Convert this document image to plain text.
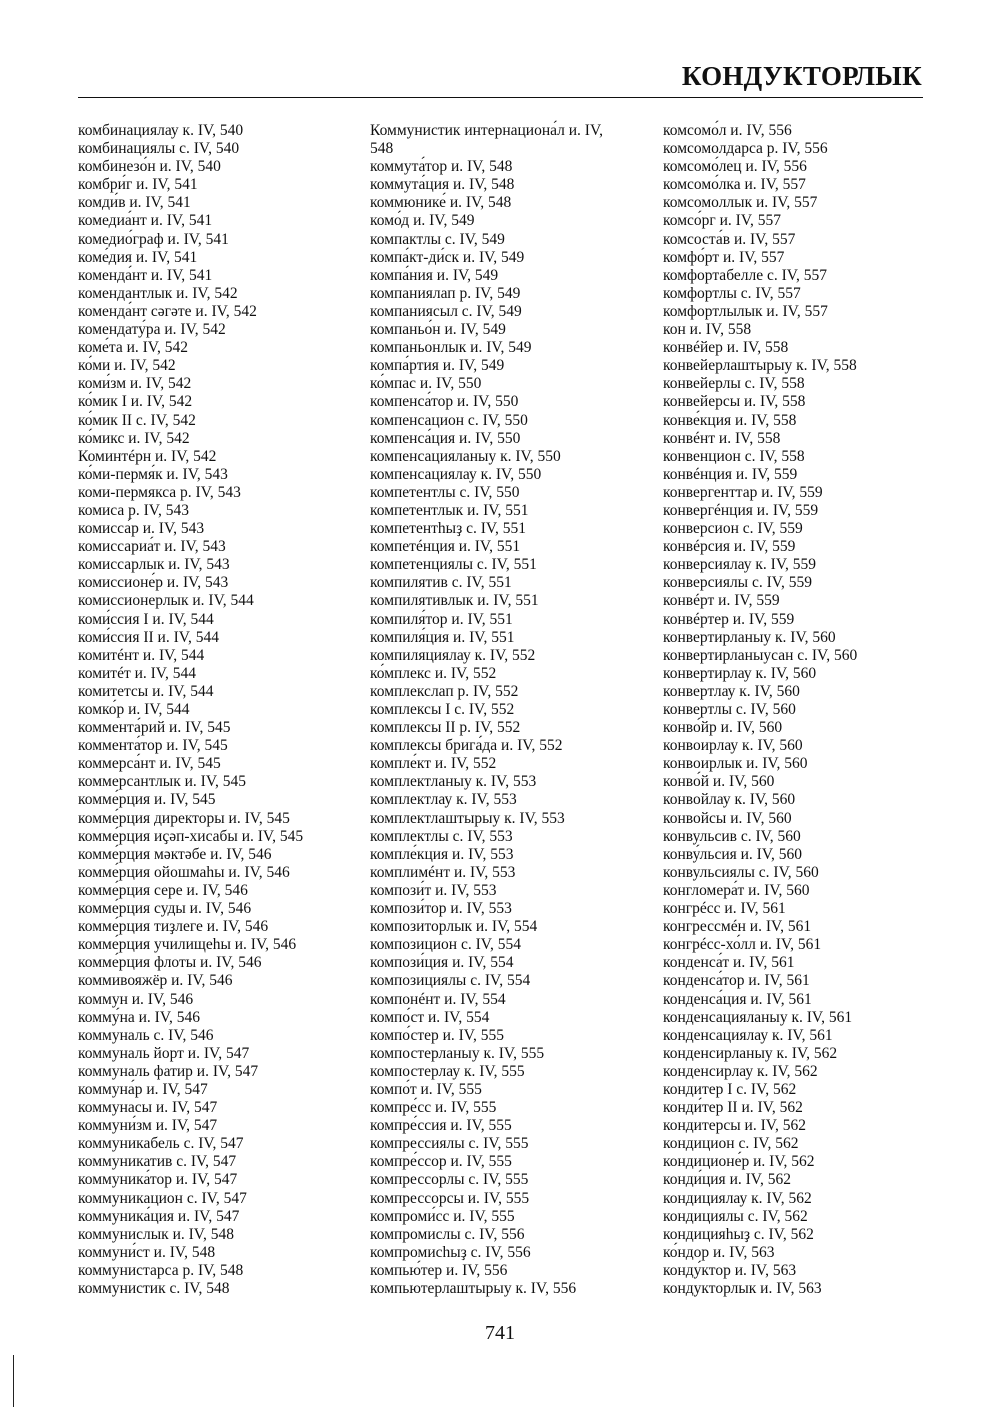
КОНДУКТОРЛЫК
комбинациялау к. IV, 540
комбинациялы с. IV, 540
комбинезо́н и. IV, 540
комбри́г и. IV, 541
комди́в и. IV, 541
комедиа́нт и. IV, 541
комедио́граф и. IV, 541
коме́дия и. IV, 541
коменда́нт и. IV, 541
комендантлык и. IV, 542
коменда́нт сәгәте и. IV, 542
комендату́ра и. IV, 542
коме́та и. IV, 542
ко́ми и. IV, 542
коми́зм и. IV, 542
ко́мик I и. IV, 542
ко́мик II с. IV, 542
ко́микс и. IV, 542
Коминтéрн и. IV, 542
ко́ми-пермя́к и. IV, 543
коми-пермякса р. IV, 543
комиса р. IV, 543
комисса́р и. IV, 543
комиссариа́т и. IV, 543
комиссарлык и. IV, 543
комиссионе́р и. IV, 543
комиссионерлык и. IV, 544
коми́ссия I и. IV, 544
коми́ссия II и. IV, 544
комитéнт и. IV, 544
комитéт и. IV, 544
комитетсы и. IV, 544
комко́р и. IV, 544
коммента́рий и. IV, 545
коммента́тор и. IV, 545
коммерса́нт и. IV, 545
коммерсантлык и. IV, 545
комме́рция и. IV, 545
комме́рция директоры и. IV, 545
комме́рция иҫәп-хисабы и. IV, 545
комме́рция мәктәбе и. IV, 546
комме́рция ойошмаһы и. IV, 546
комме́рция сере и. IV, 546
комме́рция суды и. IV, 546
комме́рция тиҙлеге и. IV, 546
комме́рция училищеһы и. IV, 546
комме́рция флоты и. IV, 546
коммивояжёр и. IV, 546
коммун и. IV, 546
комму́на и. IV, 546
коммуналь с. IV, 546
коммуналь йорт и. IV, 547
коммуналь фатир и. IV, 547
коммуна́р и. IV, 547
коммунасы и. IV, 547
коммуни́зм и. IV, 547
коммуникабель с. IV, 547
коммуникатив с. IV, 547
коммуника́тор и. IV, 547
коммуникацион с. IV, 547
коммуника́ция и. IV, 547
коммунислык и. IV, 548
коммуни́ст и. IV, 548
коммунистарса р. IV, 548
коммунистик с. IV, 548
Коммунистик интернациона́л и. IV, 548
коммута́тор и. IV, 548
коммута́ция и. IV, 548
коммюнике́ и. IV, 548
комо́д и. IV, 549
компактлы с. IV, 549
компа́кт-ди́ск и. IV, 549
компа́ния и. IV, 549
компаниялап р. IV, 549
компаниясыл с. IV, 549
компаньо́н и. IV, 549
компаньонлык и. IV, 549
компа́ртия и. IV, 549
ко́мпас и. IV, 550
компенса́тор и. IV, 550
компенсацион с. IV, 550
компенса́ция и. IV, 550
компенсацияланыу к. IV, 550
компенсациялау к. IV, 550
компетентлы с. IV, 550
компетентлык и. IV, 551
компетентһыҙ с. IV, 551
компетéнция и. IV, 551
компетенциялы с. IV, 551
компилятив с. IV, 551
компилятивлык и. IV, 551
компиля́тор и. IV, 551
компиля́ция и. IV, 551
компиляциялау к. IV, 552
ко́мплекс и. IV, 552
комплекслап р. IV, 552
комплексы I с. IV, 552
комплексы II р. IV, 552
комплексы брига́да и. IV, 552
компле́кт и. IV, 552
комплектланыу к. IV, 553
комплектлау к. IV, 553
комплектлаштырыу к. IV, 553
комплектлы с. IV, 553
компле́кция и. IV, 553
комплимéнт и. IV, 553
компози́т и. IV, 553
компози́тор и. IV, 553
композиторлык и. IV, 554
композицион с. IV, 554
компози́ция и. IV, 554
композициялы с. IV, 554
компонéнт и. IV, 554
компо́ст и. IV, 554
компо́стер и. IV, 555
компостерланыу к. IV, 555
компостерлау к. IV, 555
компо́т и. IV, 555
компре́сс и. IV, 555
компре́ссия и. IV, 555
компрессиялы с. IV, 555
компре́ссор и. IV, 555
компрессорлы с. IV, 555
компрессорсы и. IV, 555
компроми́сс и. IV, 555
компромислы с. IV, 556
компромисһыҙ с. IV, 556
компью́тер и. IV, 556
компьютерлаштырыу к. IV, 556
комсомо́л и. IV, 556
комсомолдарса р. IV, 556
комсомо́лец и. IV, 556
комсомо́лка и. IV, 557
комсомоллык и. IV, 557
комсо́рг и. IV, 557
комсоста́в и. IV, 557
комфо́рт и. IV, 557
комфортабелле с. IV, 557
комфортлы с. IV, 557
комфортлылык и. IV, 557
кон и. IV, 558
конвéйер и. IV, 558
конвейерлаштырыу к. IV, 558
конвейерлы с. IV, 558
конвейерсы и. IV, 558
конве́кция и. IV, 558
конвéнт и. IV, 558
конвенцион с. IV, 558
конвéнция и. IV, 559
конвергенттар и. IV, 559
конвергéнция и. IV, 559
конверсион с. IV, 559
конвéрсия и. IV, 559
конверсиялау к. IV, 559
конверсиялы с. IV, 559
конвéрт и. IV, 559
конвéртер и. IV, 559
конвертирланыу к. IV, 560
конвертирланыусан с. IV, 560
конвертирлау к. IV, 560
конвертлау к. IV, 560
конвертлы с. IV, 560
конво́йр и. IV, 560
конвоирлау к. IV, 560
конвоирлык и. IV, 560
конво́й и. IV, 560
конвойлау к. IV, 560
конвойсы и. IV, 560
конвульсив с. IV, 560
конву́льсия и. IV, 560
конвульсиялы с. IV, 560
конгломера́т и. IV, 560
конгрéсс и. IV, 561
конгрессмéн и. IV, 561
конгрéсс-хо́лл и. IV, 561
конденса́т и. IV, 561
конденса́тор и. IV, 561
конденса́ция и. IV, 561
конденсацияланыу к. IV, 561
конденсациялау к. IV, 561
конденсирланыу к. IV, 562
конденсирлау к. IV, 562
кондитер I с. IV, 562
конди́тер II и. IV, 562
кондитерсы и. IV, 562
кондицион с. IV, 562
кондиционе́р и. IV, 562
конди́ция и. IV, 562
кондициялау к. IV, 562
кондициялы с. IV, 562
кондицияһыҙ с. IV, 562
ко́ндор и. IV, 563
конду́ктор и. IV, 563
кондукторлык и. IV, 563
741
